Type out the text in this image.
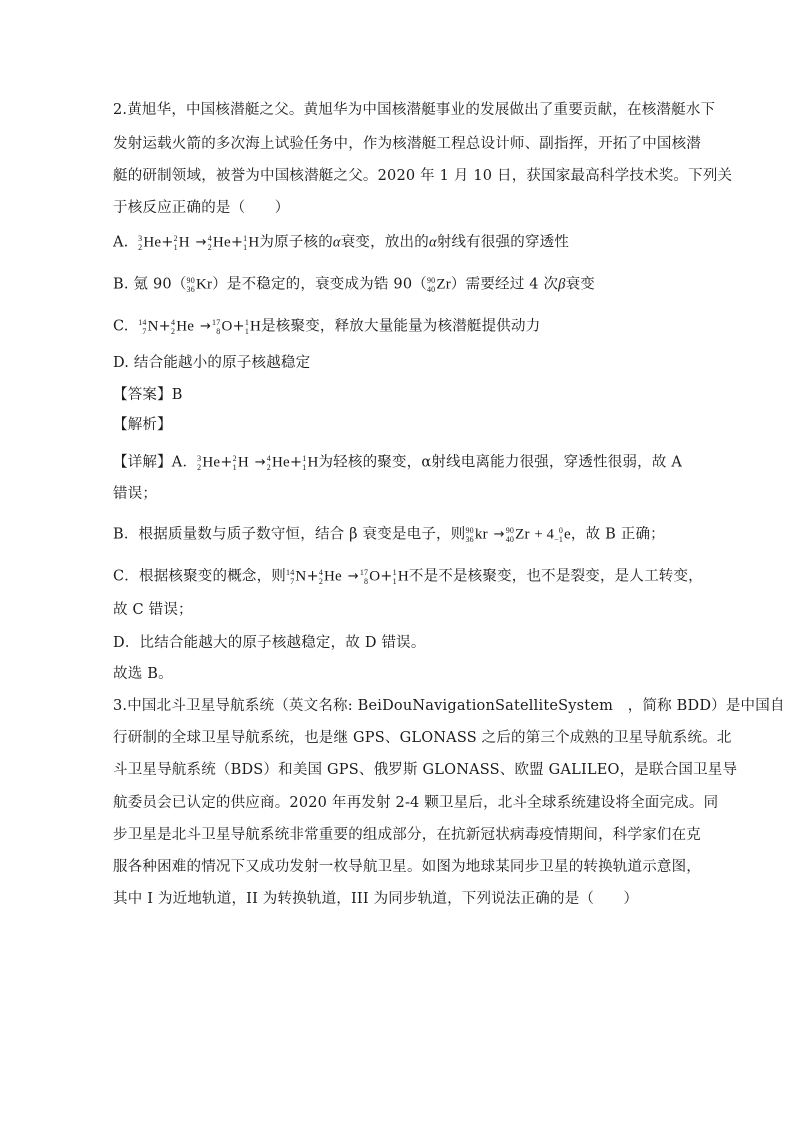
2.黄旭华，中国核潜艇之父。黄旭华为中国核潜艇事业的发展做出了重要贡献，在核潜艇水下
发射运载火箭的多次海上试验任务中，作为核潜艇工程总设计师、副指挥，开拓了中国核潜
艇的研制领域，被誉为中国核潜艇之父。2020 年 1 月 10 日，获国家最高科学技术奖。下列关
于核反应正确的是（　　）
A. 3
2 He+ 2
1 H → 4
2 He+ 1
1 H为原子核的α衰变，放出的α射线有很强的穿透性
B. 氪 90（ 90
36 Kr）是不稳定的，衰变成为锆 90（ 90
40 Zr）需要经过 4 次β衰变
C. 14
7 N+ 4
2 He → 17
8 O+ 1
1 H是核聚变，释放大量能量为核潜艇提供动力
D. 结合能越小的原子核越稳定
【答案】B
【解析】
【详解】A． 3
2 He+ 2
1 H → 4
2 He+ 1
1 H为轻核的聚变，α射线电离能力很强，穿透性很弱，故 A
错误；
B．根据质量数与质子数守恒，结合 β 衰变是电子，则 90
36 kr → 90
40 Zr + 4 0
−1 e，故 B 正确；
C．根据核聚变的概念，则 14
7 N+ 4
2 He → 17
8 O+ 1
1 H不是不是核聚变，也不是裂变，是人工转变，
故 C 错误；
D．比结合能越大的原子核越稳定，故 D 错误。
故选 B。
3.中国北斗卫星导航系统（英文名称: BeiDouNavigationSatelliteSystem　，简称 BDD）是中国自
行研制的全球卫星导航系统，也是继 GPS、GLONASS 之后的第三个成熟的卫星导航系统。北
斗卫星导航系统（BDS）和美国 GPS、俄罗斯 GLONASS、欧盟 GALILEO，是联合国卫星导
航委员会已认定的供应商。2020 年再发射 2-4 颗卫星后，北斗全球系统建设将全面完成。同
步卫星是北斗卫星导航系统非常重要的组成部分，在抗新冠状病毒疫情期间，科学家们在克
服各种困难的情况下又成功发射一枚导航卫星。如图为地球某同步卫星的转换轨道示意图，
其中 I 为近地轨道，II 为转换轨道，III 为同步轨道，下列说法正确的是（　　）
